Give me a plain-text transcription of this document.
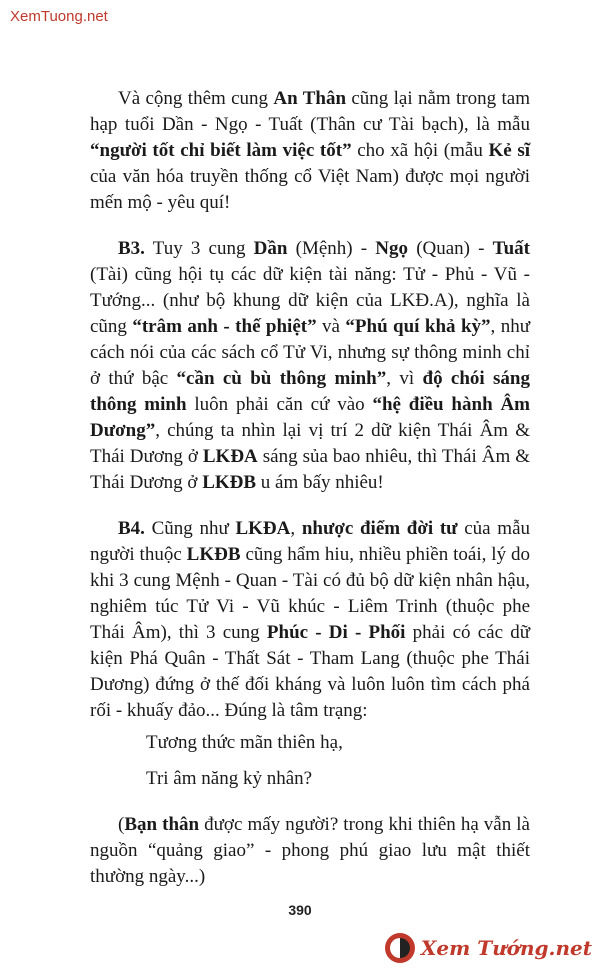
XemTuong.net

Và cộng thêm cung An Thân cũng lại nằm trong tam hạp tuổi Dần - Ngọ - Tuất (Thân cư Tài bạch), là mẫu “người tốt chỉ biết làm việc tốt” cho xã hội (mẫu Kẻ sĩ của văn hóa truyền thống cổ Việt Nam) được mọi người mến mộ - yêu quí!

B3. Tuy 3 cung Dần (Mệnh) - Ngọ (Quan) - Tuất (Tài) cũng hội tụ các dữ kiện tài năng: Tử - Phủ - Vũ - Tướng... (như bộ khung dữ kiện của LKĐ.A), nghĩa là cũng “trâm anh - thế phiệt” và “Phú quí khả kỳ”, như cách nói của các sách cổ Tử Vi, nhưng sự thông minh chỉ ở thứ bậc “cần cù bù thông minh”, vì độ chói sáng thông minh luôn phải căn cứ vào “hệ điều hành Âm Dương”, chúng ta nhìn lại vị trí 2 dữ kiện Thái Âm & Thái Dương ở LKĐA sáng sủa bao nhiêu, thì Thái Âm & Thái Dương ở LKĐB u ám bấy nhiêu!

B4. Cũng như LKĐA, nhược điểm đời tư của mẫu người thuộc LKĐB cũng hẩm hiu, nhiều phiền toái, lý do khi 3 cung Mệnh - Quan - Tài có đủ bộ dữ kiện nhân hậu, nghiêm túc Tử Vi - Vũ khúc - Liêm Trinh (thuộc phe Thái Âm), thì 3 cung Phúc - Di - Phối phải có các dữ kiện Phá Quân - Thất Sát - Tham Lang (thuộc phe Thái Dương) đứng ở thế đối kháng và luôn luôn tìm cách phá rối - khuấy đảo... Đúng là tâm trạng:

Tương thức mãn thiên hạ,

Tri âm năng kỷ nhân?

(Bạn thân được mấy người? trong khi thiên hạ vẫn là nguồn “quảng giao” - phong phú giao lưu mật thiết thường ngày...)

390
Xem Tướng.net
